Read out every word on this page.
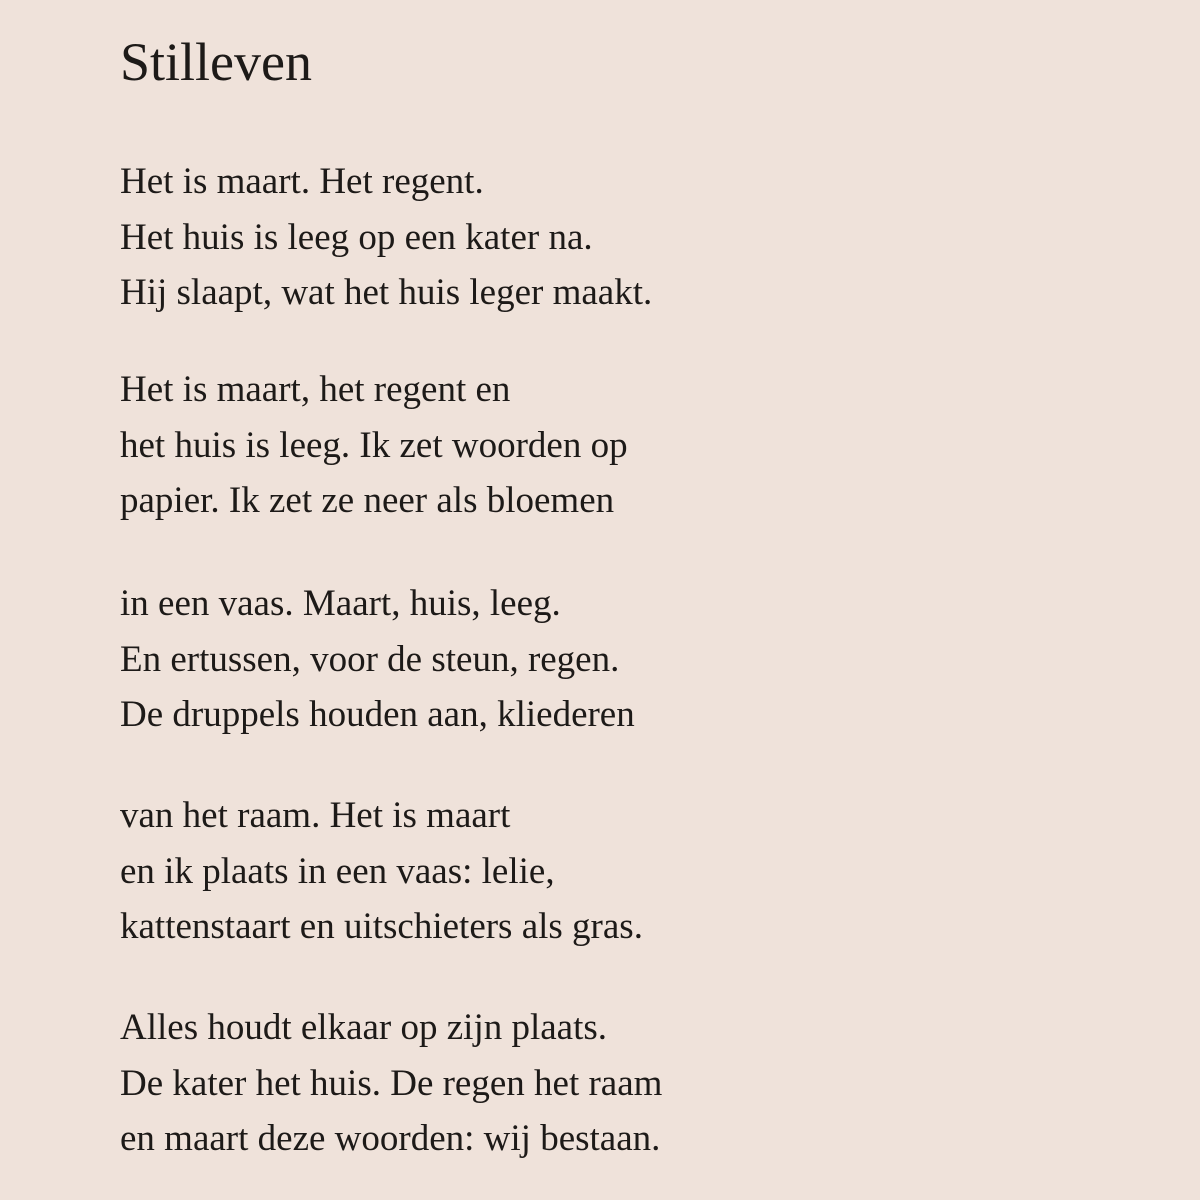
Stilleven
Het is maart. Het regent.
Het huis is leeg op een kater na.
Hij slaapt, wat het huis leger maakt.
Het is maart, het regent en
het huis is leeg. Ik zet woorden op
papier. Ik zet ze neer als bloemen
in een vaas. Maart, huis, leeg.
En ertussen, voor de steun, regen.
De druppels houden aan, kliederen
van het raam. Het is maart
en ik plaats in een vaas: lelie,
kattenstaart en uitschieters als gras.
Alles houdt elkaar op zijn plaats.
De kater het huis. De regen het raam
en maart deze woorden: wij bestaan.
